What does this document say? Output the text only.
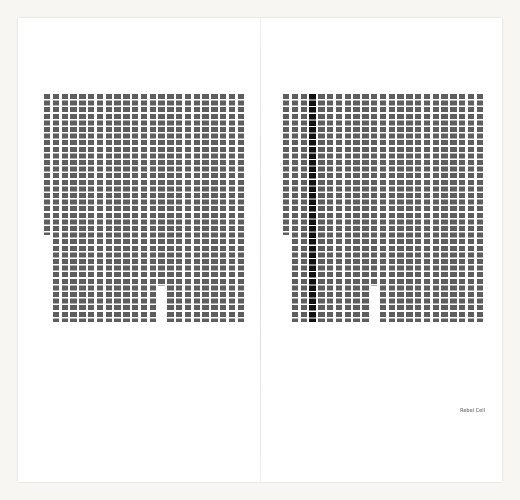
Rebel Cell
